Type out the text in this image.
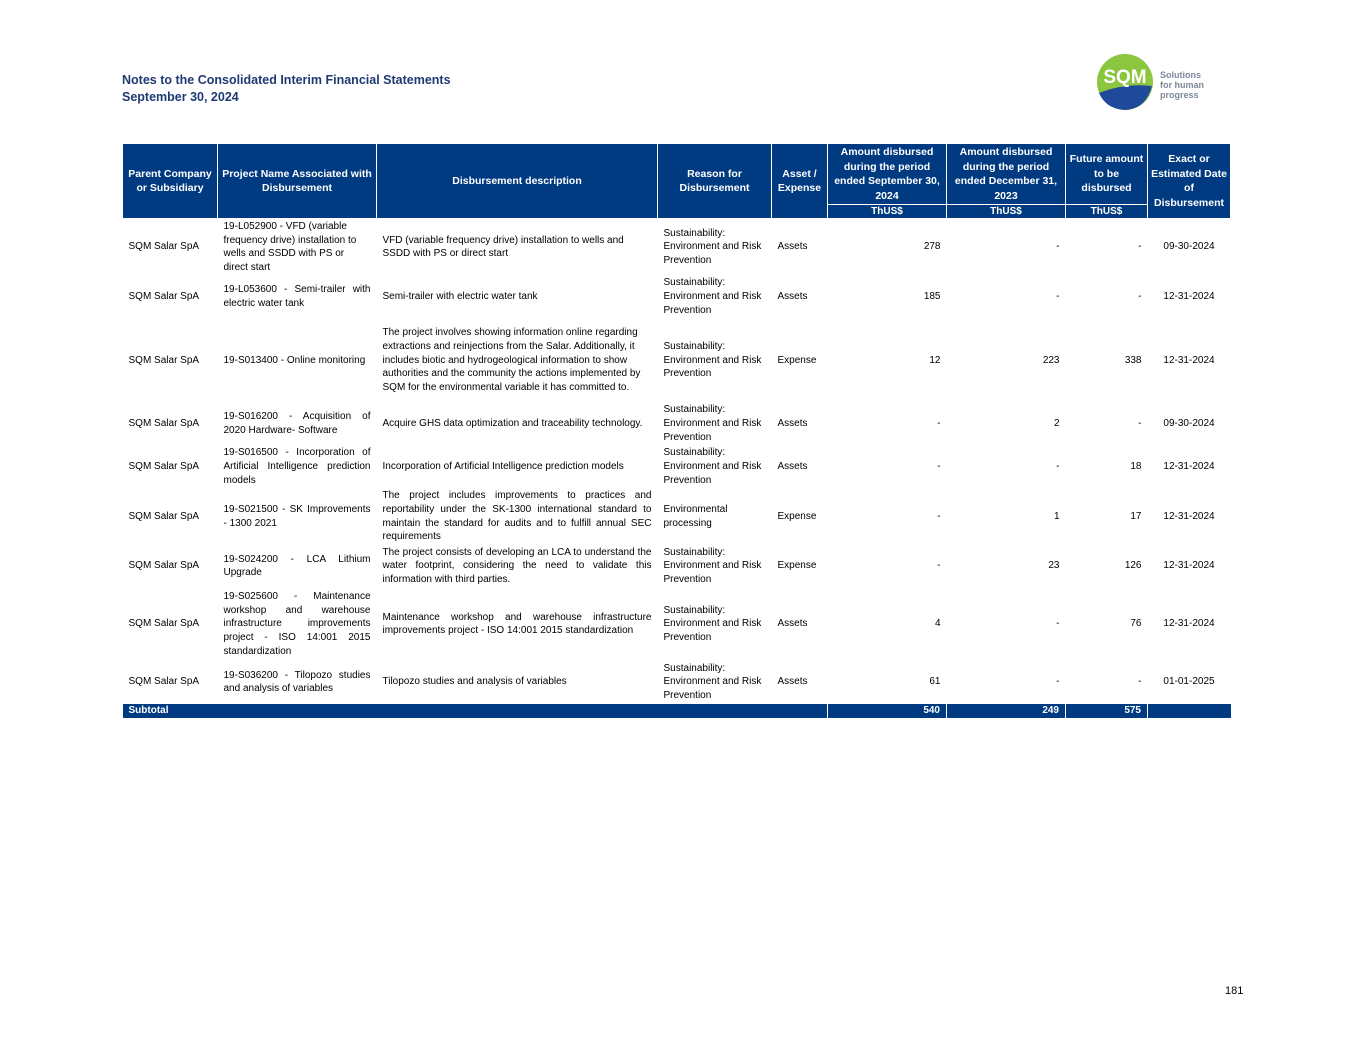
Notes to the Consolidated Interim Financial Statements
September 30, 2024
SQM Solutions
for human
progress
Parent Company or Subsidiary	Project Name Associated with Disbursement	Disbursement description	Reason for Disbursement	Asset / Expense	Amount disbursed during the period ended September 30, 2024	Amount disbursed during the period ended December 31, 2023	Future amount to be disbursed	Exact or Estimated Date of Disbursement
					ThUS$	ThUS$	ThUS$	
SQM Salar SpA	19-L052900 - VFD (variable frequency drive) installation to wells and SSDD with PS or direct start	VFD (variable frequency drive) installation to wells and SSDD with PS or direct start	Sustainability: Environment and Risk Prevention	Assets	278	-	-	09-30-2024
SQM Salar SpA	19-L053600 - Semi-trailer with electric water tank	Semi-trailer with electric water tank	Sustainability: Environment and Risk Prevention	Assets	185	-	-	12-31-2024
SQM Salar SpA	19-S013400 - Online monitoring	The project involves showing information online regarding extractions and reinjections from the Salar. Additionally, it includes biotic and hydrogeological information to show authorities and the community the actions implemented by SQM for the environmental variable it has committed to.	Sustainability: Environment and Risk Prevention	Expense	12	223	338	12-31-2024
SQM Salar SpA	19-S016200 - Acquisition of 2020 Hardware- Software	Acquire GHS data optimization and traceability technology.	Sustainability: Environment and Risk Prevention	Assets	-	2	-	09-30-2024
SQM Salar SpA	19-S016500 - Incorporation of Artificial Intelligence prediction models	Incorporation of Artificial Intelligence prediction models	Sustainability: Environment and Risk Prevention	Assets	-	-	18	12-31-2024
SQM Salar SpA	19-S021500 - SK Improvements - 1300 2021	The project includes improvements to practices and reportability under the SK-1300 international standard to maintain the standard for audits and to fulfill annual SEC requirements	Environmental processing	Expense	-	1	17	12-31-2024
SQM Salar SpA	19-S024200 - LCA Lithium Upgrade	The project consists of developing an LCA to understand the water footprint, considering the need to validate this information with third parties.	Sustainability: Environment and Risk Prevention	Expense	-	23	126	12-31-2024
SQM Salar SpA	19-S025600 - Maintenance workshop and warehouse infrastructure improvements project - ISO 14:001 2015 standardization	Maintenance workshop and warehouse infrastructure improvements project - ISO 14:001 2015 standardization	Sustainability: Environment and Risk Prevention	Assets	4	-	76	12-31-2024
SQM Salar SpA	19-S036200 - Tilopozo studies and analysis of variables	Tilopozo studies and analysis of variables	Sustainability: Environment and Risk Prevention	Assets	61	-	-	01-01-2025
Subtotal					540	249	575	
181
